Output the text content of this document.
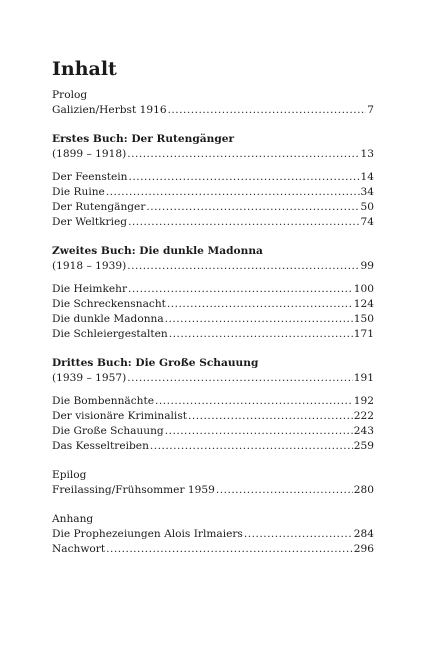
Inhalt
Prolog
Galizien/Herbst 1916 .....	7
Erstes Buch: Der Rutengänger
(1899 – 1918) .....	13
Der Feenstein .....	14
Die Ruine .....	34
Der Rutengänger .....	50
Der Weltkrieg .....	74
Zweites Buch: Die dunkle Madonna
(1918 – 1939) .....	99
Die Heimkehr .....	100
Die Schreckensnacht .....	124
Die dunkle Madonna .....	150
Die Schleiergestalten .....	171
Drittes Buch: Die Große Schauung
(1939 – 1957) .....	191
Die Bombennächte .....	192
Der visionäre Kriminalist .....	222
Die Große Schauung .....	243
Das Kesseltreiben .....	259
Epilog
Freilassing/Frühsommer 1959 .....	280
Anhang
Die Prophezeiungen Alois Irlmaiers .....	284
Nachwort .....	296
